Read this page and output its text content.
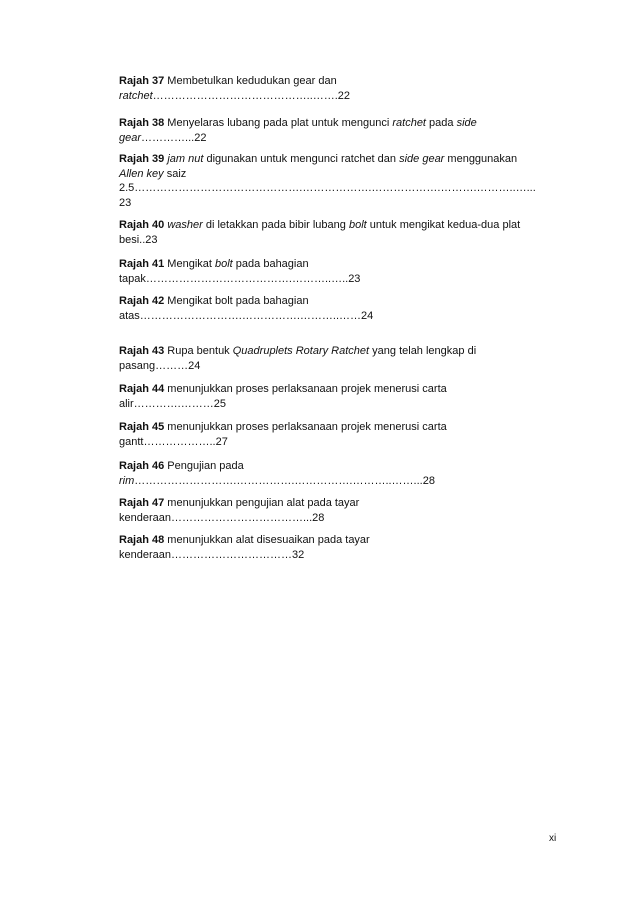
Rajah 37 Membetulkan kedudukan gear dan
ratchet……………………………………..…….22

Rajah 38 Menyelaras lubang pada plat untuk mengunci ratchet pada side
gear…………...22

Rajah 39 jam nut digunakan untuk mengunci ratchet dan side gear menggunakan
Allen key saiz
2.5……………………………………….……………….……………….……….………..…...
23

Rajah 40 washer di letakkan pada bibir lubang bolt untuk mengikat kedua-dua plat
besi..23

Rajah 41 Mengikat bolt pada bahagian
tapak………………………………….………..…..23

Rajah 42 Mengikat bolt pada bahagian
atas……………………….…………….………..……24

Rajah 43 Rupa bentuk Quadruplets Rotary Ratchet yang telah lengkap di
pasang………24

Rajah 44 menunjukkan proses perlaksanaan projek menerusi carta
alir………….………25

Rajah 45 menunjukkan proses perlaksanaan projek menerusi carta
gantt………………..27

Rajah 46 Pengujian pada
rim……………………….…………….…………….………..……...28

Rajah 47 menunjukkan pengujian alat pada tayar
kenderaan………………………………...28

Rajah 48 menunjukkan alat disesuaikan pada tayar
kenderaan……………………………32

xi
